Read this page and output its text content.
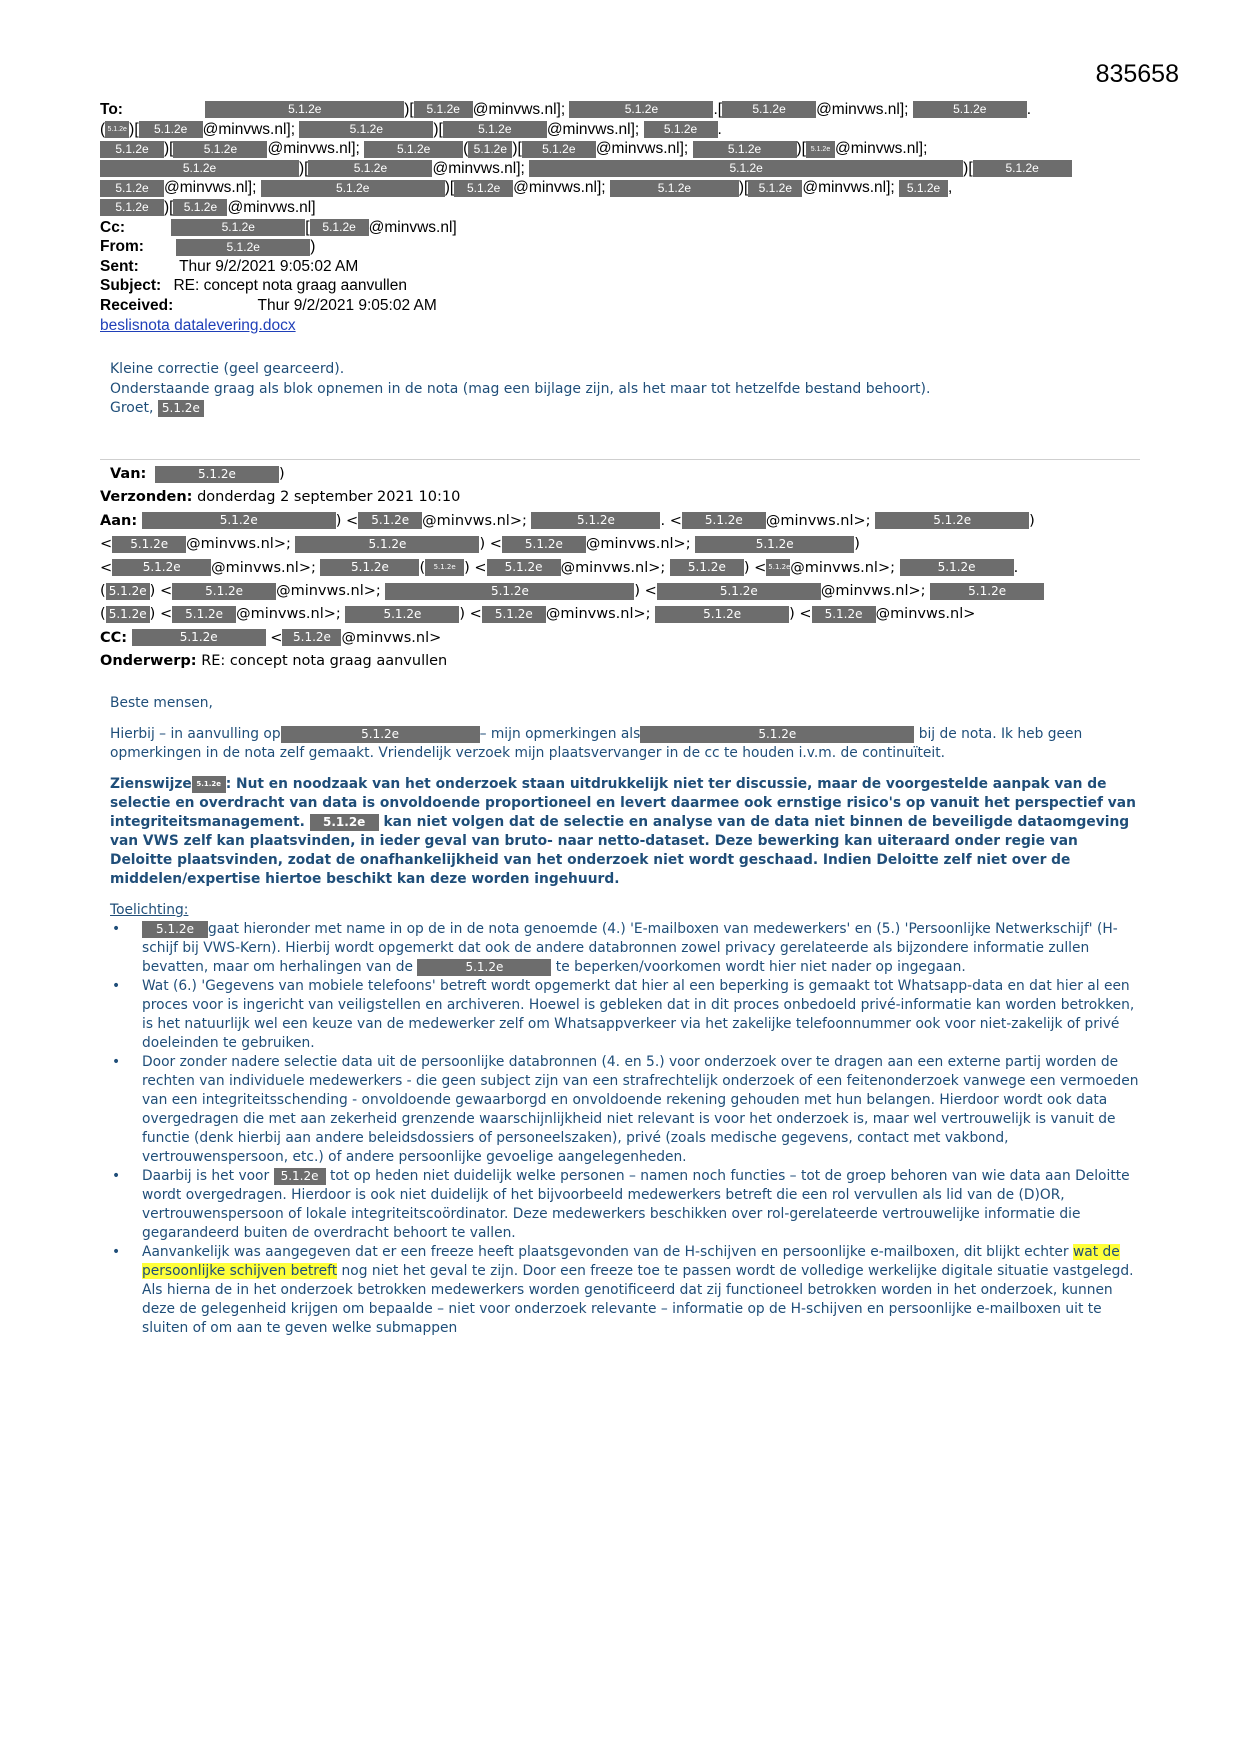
835658
To:	5.1.2e	)[ 5.1.2e @minvws.nl];	5.1.2e	.[	5.1.2e @minvws.nl];	5.1.2e	.
( 5.1.2e )[ 5.1.2e @minvws.nl];	5.1.2e	)[	5.1.2e @minvws.nl]; 5.1.2e .
5.1.2e )[	5.1.2e @minvws.nl];	5.1.2e ( 5.1.2e )[ 5.1.2e @minvws.nl];	5.1.2e )[ 5.1.2e @minvws.nl];
5.1.2e	)[	5.1.2e	@minvws.nl];	5.1.2e	)[	5.1.2e
5.1.2e @minvws.nl];	5.1.2e	)[ 5.1.2e @minvws.nl];	5.1.2e	)[ 5.1.2e @minvws.nl]; 5.1.2e ,
5.1.2e )[ 5.1.2e @minvws.nl]
Cc:	5.1.2e	[ 5.1.2e @minvws.nl]
From:	5.1.2e	)
Sent:	Thur 9/2/2021 9:05:02 AM
Subject: RE: concept nota graag aanvullen
Received:	Thur 9/2/2021 9:05:02 AM
beslisnota datalevering.docx
Kleine correctie (geel gearceerd).
Onderstaande graag als blok opnemen in de nota (mag een bijlage zijn, als het maar tot hetzelfde bestand behoort).
Groet, 5.1.2e
Van:	5.1.2e	)
Verzonden: donderdag 2 september 2021 10:10
Aan:	5.1.2e	) < 5.1.2e @minvws.nl>;	5.1.2e	. < 5.1.2e @minvws.nl>;	5.1.2e	)
< 5.1.2e @minvws.nl>;	5.1.2e	) < 5.1.2e @minvws.nl>;	5.1.2e	)
<	5.1.2e @minvws.nl>;	5.1.2e ( 5.1.2e ) < 5.1.2e @minvws.nl>; 5.1.2e ) < 5.1.2e@minvws.nl>;	5.1.2e	.
( 5.1.2e ) <	5.1.2e @minvws.nl>;	5.1.2e	) <	5.1.2e	@minvws.nl>;	5.1.2e
( 5.1.2e ) < 5.1.2e @minvws.nl>;	5.1.2e	) < 5.1.2e @minvws.nl>;	5.1.2e	) < 5.1.2e @minvws.nl>
CC:	5.1.2e	< 5.1.2e @minvws.nl>
Onderwerp: RE: concept nota graag aanvullen

Beste mensen,

Hierbij – in aanvulling op	5.1.2e	– mijn opmerkingen als	5.1.2e	bij de nota. Ik heb geen opmerkingen in de nota zelf gemaakt. Vriendelijk verzoek mijn plaatsvervanger in de cc te houden i.v.m. de continuïteit.

Zienswijze 5.1.2e : Nut en noodzaak van het onderzoek staan uitdrukkelijk niet ter discussie, maar de voorgestelde aanpak van de selectie en overdracht van data is onvoldoende proportioneel en levert daarmee ook ernstige risico's op vanuit het perspectief van integriteitsmanagement. 5.1.2e kan niet volgen dat de selectie en analyse van de data niet binnen de beveiligde dataomgeving van VWS zelf kan plaatsvinden, in ieder geval van bruto- naar netto-dataset. Deze bewerking kan uiteraard onder regie van Deloitte plaatsvinden, zodat de onafhankelijkheid van het onderzoek niet wordt geschaad. Indien Deloitte zelf niet over de middelen/expertise hiertoe beschikt kan deze worden ingehuurd.

Toelichting:
• 5.1.2e gaat hieronder met name in op de in de nota genoemde (4.) 'E-mailboxen van medewerkers' en (5.) 'Persoonlijke Netwerkschijf' (H-schijf bij VWS-Kern). Hierbij wordt opgemerkt dat ook de andere databronnen zowel privacy gerelateerde als bijzondere informatie zullen bevatten, maar om herhalingen van de	5.1.2e	te beperken/voorkomen wordt hier niet nader op ingegaan.
• Wat (6.) 'Gegevens van mobiele telefoons' betreft wordt opgemerkt dat hier al een beperking is gemaakt tot Whatsapp-data en dat hier al een proces voor is ingericht van veiligstellen en archiveren. Hoewel is gebleken dat in dit proces onbedoeld privé-informatie kan worden betrokken, is het natuurlijk wel een keuze van de medewerker zelf om Whatsappverkeer via het zakelijke telefoonnummer ook voor niet-zakelijk of privé doeleinden te gebruiken.
• Door zonder nadere selectie data uit de persoonlijke databronnen (4. en 5.) voor onderzoek over te dragen aan een externe partij worden de rechten van individuele medewerkers - die geen subject zijn van een strafrechtelijk onderzoek of een feitenonderzoek vanwege een vermoeden van een integriteitsschending - onvoldoende gewaarborgd en onvoldoende rekening gehouden met hun belangen. Hierdoor wordt ook data overgedragen die met aan zekerheid grenzende waarschijnlijkheid niet relevant is voor het onderzoek is, maar wel vertrouwelijk is vanuit de functie (denk hierbij aan andere beleidsdossiers of personeelszaken), privé (zoals medische gegevens, contact met vakbond, vertrouwenspersoon, etc.) of andere persoonlijke gevoelige aangelegenheden.
• Daarbij is het voor 5.1.2e tot op heden niet duidelijk welke personen – namen noch functies – tot de groep behoren van wie data aan Deloitte wordt overgedragen. Hierdoor is ook niet duidelijk of het bijvoorbeeld medewerkers betreft die een rol vervullen als lid van de (D)OR, vertrouwenspersoon of lokale integriteitscoördinator. Deze medewerkers beschikken over rol-gerelateerde vertrouwelijke informatie die gegarandeerd buiten de overdracht behoort te vallen.
• Aanvankelijk was aangegeven dat er een freeze heeft plaatsgevonden van de H-schijven en persoonlijke e-mailboxen, dit blijkt echter wat de persoonlijke schijven betreft nog niet het geval te zijn. Door een freeze toe te passen wordt de volledige werkelijke digitale situatie vastgelegd. Als hierna de in het onderzoek betrokken medewerkers worden genotificeerd dat zij functioneel betrokken worden in het onderzoek, kunnen deze de gelegenheid krijgen om bepaalde – niet voor onderzoek relevante – informatie op de H-schijven en persoonlijke e-mailboxen uit te sluiten of om aan te geven welke submappen
